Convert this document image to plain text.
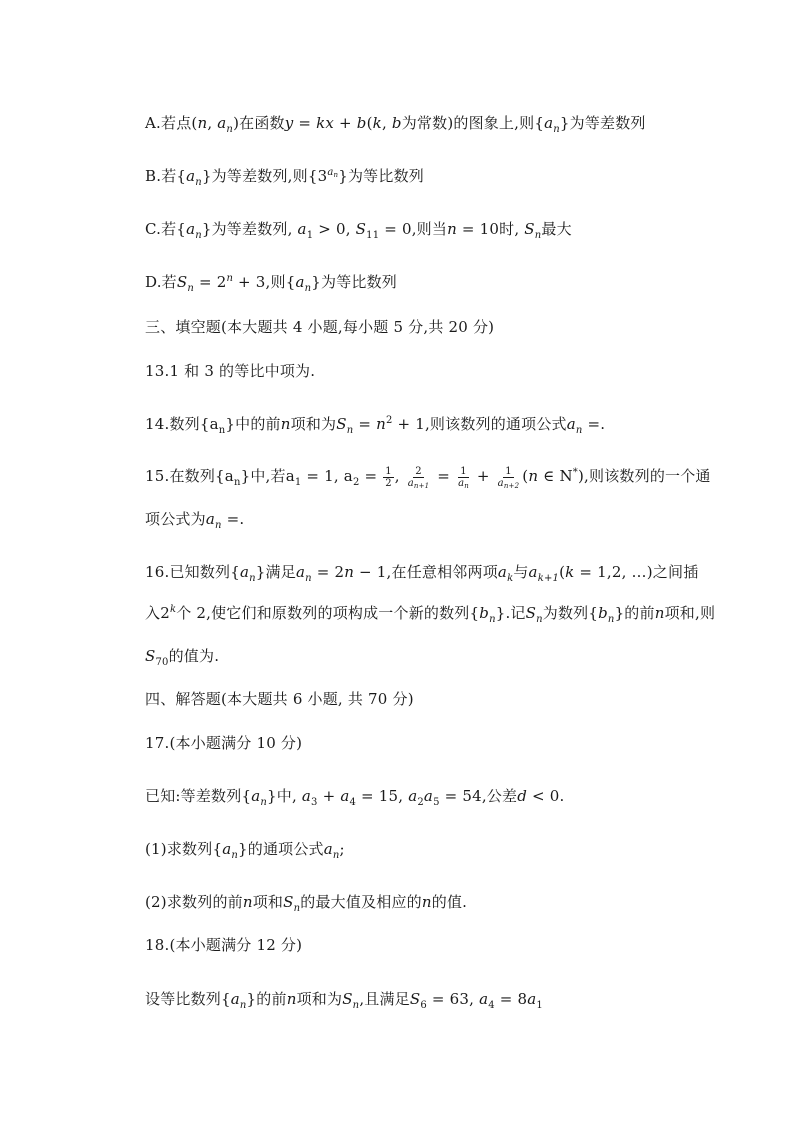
A.若点(n, $a_n$)在函数y = kx + b(k, b为常数)的图象上,则$\{a_n\}$为等差数列
B.若$\{a_n\}$为等差数列,则$\{3^{a_n}\}$为等比数列
C.若$\{a_n\}$为等差数列, $a_1 > 0$, $S_{11} = 0$,则当n = 10时, $S_n$最大
D.若$S_n = 2^n + 3$,则$\{a_n\}$为等比数列
三、填空题(本大题共 4 小题,每小题 5 分,共 20 分)
13.1 和 3 的等比中项为.
14.数列$\{a_n\}$中的前n项和为$S_n = n^2 + 1$,则该数列的通项公式$a_n$ =.
15.在数列$\{a_n\}$中,若$a_1 = 1$, $a_2 = \frac{1}{2}$ , $\frac{2}{a_{n+1}} = \frac{1}{a_n} + \frac{1}{a_{n+2}} (n$ ∈ N*),则该数列的一个通
项公式为$a_n$ =.
16.已知数列$\{a_n\}$满足$a_n = 2n - 1$,在任意相邻两项$a_k$与$a_{k+1}(k = 1,2$, …)之间插
入2$^k$个 2,使它们和原数列的项构成一个新的数列$\{b_n\}$.记$S_n$为数列$\{b_n\}$的前n项和,则
$S_{70}$的值为.
四、解答题(本大题共 6 小题, 共 70 分)
17.(本小题满分 10 分)
已知:等差数列$\{a_n\}$中, $a_3 + a_4 = 15$, $a_2a_5 = 54$,公差d < 0.
(1)求数列$\{a_n\}$的通项公式$a_n$;
(2)求数列的前n项和$S_n$的最大值及相应的n的值.
18.(本小题满分 12 分)
设等比数列$\{a_n\}$的前n项和为$S_n$,且满足$S_6 = 63$, $a_4 = 8a_1$
